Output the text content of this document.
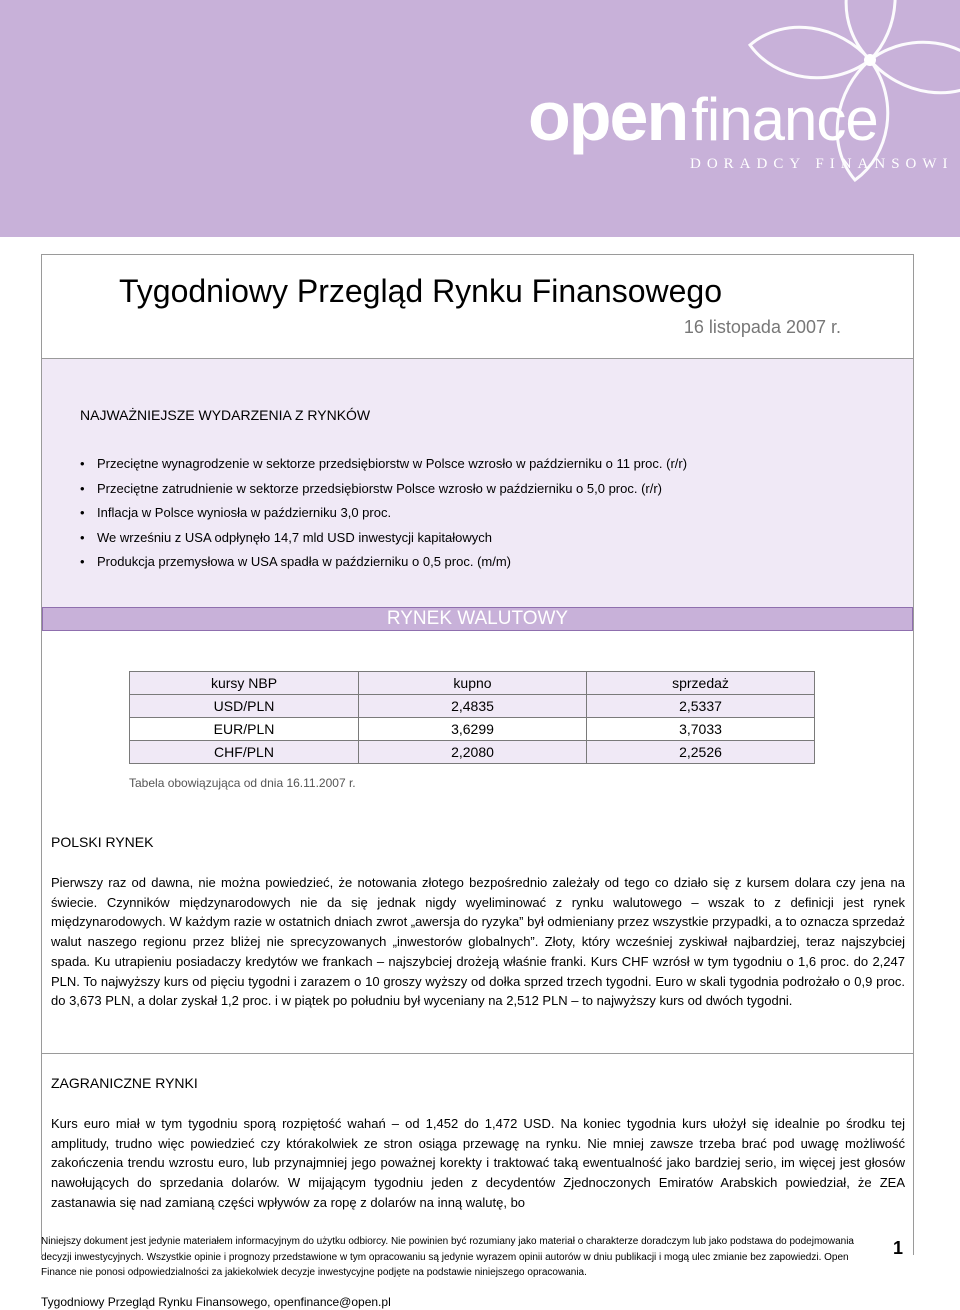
openfinance
DORADCY FINANSOWI
Tygodniowy Przegląd Rynku Finansowego
16 listopada 2007 r.
NAJWAŻNIEJSZE WYDARZENIA Z RYNKÓW
• Przeciętne wynagrodzenie w sektorze przedsiębiorstw w Polsce wzrosło w październiku o 11 proc. (r/r)
• Przeciętne zatrudnienie w sektorze przedsiębiorstw Polsce wzrosło w październiku o 5,0 proc. (r/r)
• Inflacja w Polsce wyniosła w październiku 3,0 proc.
• We wrześniu z USA odpłynęło 14,7 mld USD inwestycji kapitałowych
• Produkcja przemysłowa w USA spadła w październiku o 0,5 proc. (m/m)
RYNEK WALUTOWY
kursy NBP	kupno	sprzedaż
USD/PLN	2,4835	2,5337
EUR/PLN	3,6299	3,7033
CHF/PLN	2,2080	2,2526
Tabela obowiązująca od dnia 16.11.2007 r.
POLSKI RYNEK
Pierwszy raz od dawna, nie można powiedzieć, że notowania złotego bezpośrednio zależały od tego co działo się z kursem dolara czy jena na świecie. Czynników międzynarodowych nie da się jednak nigdy wyeliminować z rynku walutowego – wszak to z definicji jest rynek międzynarodowych. W każdym razie w ostatnich dniach zwrot „awersja do ryzyka” był odmieniany przez wszystkie przypadki, a to oznacza sprzedaż walut naszego regionu przez bliżej nie sprecyzowanych „inwestorów globalnych”. Złoty, który wcześniej zyskiwał najbardziej, teraz najszybciej spada. Ku utrapieniu posiadaczy kredytów we frankach – najszybciej drożeją właśnie franki. Kurs CHF wzrósł w tym tygodniu o 1,6 proc. do 2,247 PLN. To najwyższy kurs od pięciu tygodni i zarazem o 10 groszy wyższy od dołka sprzed trzech tygodni. Euro w skali tygodnia podrożało o 0,9 proc. do 3,673 PLN, a dolar zyskał 1,2 proc. i w piątek po południu był wyceniany na 2,512 PLN – to najwyższy kurs od dwóch tygodni.
ZAGRANICZNE RYNKI
Kurs euro miał w tym tygodniu sporą rozpiętość wahań – od 1,452 do 1,472 USD. Na koniec tygodnia kurs ułożył się idealnie po środku tej amplitudy, trudno więc powiedzieć czy którakolwiek ze stron osiąga przewagę na rynku. Nie mniej zawsze trzeba brać pod uwagę możliwość zakończenia trendu wzrostu euro, lub przynajmniej jego poważnej korekty i traktować taką ewentualność jako bardziej serio, im więcej jest głosów nawołujących do sprzedania dolarów. W mijającym tygodniu jeden z decydentów Zjednoczonych Emiratów Arabskich powiedział, że ZEA zastanawia się nad zamianą części wpływów za ropę z dolarów na inną walutę, bo
Niniejszy dokument jest jedynie materiałem informacyjnym do użytku odbiorcy. Nie powinien być rozumiany jako materiał o charakterze doradczym lub jako podstawa do podejmowania decyzji inwestycyjnych. Wszystkie opinie i prognozy przedstawione w tym opracowaniu są jedynie wyrazem opinii autorów w dniu publikacji i mogą ulec zmianie bez zapowiedzi. Open Finance nie ponosi odpowiedzialności za jakiekolwiek decyzje inwestycyjne podjęte na podstawie niniejszego opracowania.
1
Tygodniowy Przegląd Rynku Finansowego, openfinance@open.pl
